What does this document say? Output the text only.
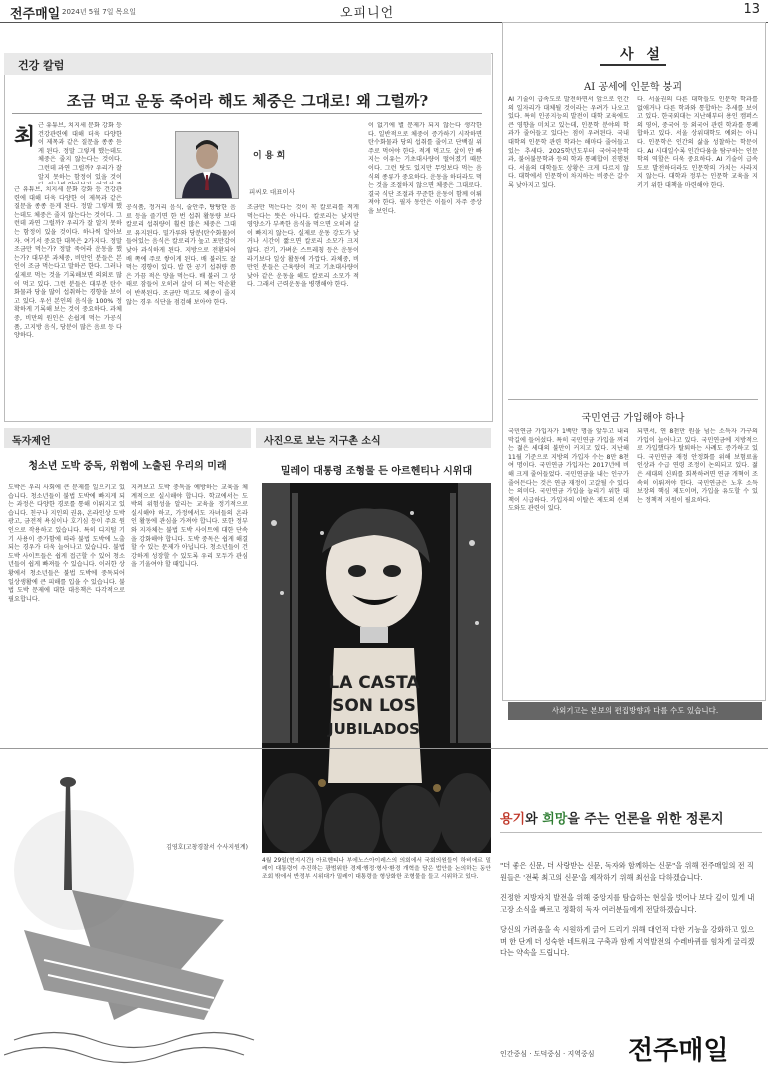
전주매일 2024년 5월 7일 목요일	오피니언	13
건강 칼럼
조금 먹고 운동 죽어라 해도 체중은 그대로! 왜 그럴까?
최 근 유튜브, 치지세 문화 강화 등 건강관련에 대해 더욱 다양한 이 제목과 같은 질문을 종종 듣게 된다. 정말 그렇게 했는데도 체중은 줄지 않는다는 것이다. 그런데 과연 그럴까? 우리가 잘 알지 못하는 함정이 있을 것이
근 유튜브, 치지세 문화 강화 등 건강관련에 대해 더욱 다양한 이 제목과 같은 질문을 종종 듣게 된다. 정말 그렇게 했는데도 체중은 줄지 않는다는 것이다. 그런데 과연 그럴까? 우리가 잘 알지 못하는 함정이 있을 것이다. 하나씩 알아보자. 여기서 중요한 대목은 2가지다. 정말 조금만 먹는가? 정말 죽어라 운동을 했는가? 대부분 과체중, 비만인 분들은 본인이 조금 먹는다고 말하곤 한다. 그러나 실제로 먹는 것을 기록해보면 의외로 많이 먹고 있다. 그런 분들은 대부분 탄수화물과 당을 많이 섭취하는 경향을 보이고 있다. 우선 본인의 음식을 100% 정확하게 기록해 보는 것이 중요하다. 과체중, 비만의 원인은 손쉽게 먹는 가공식품, 고지방 음식, 당분이 많은 음료 등 다양하다.
이 용 희
피씨오 대표이사
공식품, 정거리 음식, 술안주, 탕탕한 음료 등을 즐기면 한 번 섭취 활동량 보다 칼로리 섭취량이 훨씬 많은 체중은 그대로 유지된다. 밀가루와 당분(탄수화물)이 들어있는 음식은 칼로리가 높고 포만감이 낮아 과식하게 된다. 지방으로 전환되어 배 쪽에 주로 쌓이게 된다. 배 불러도 잘 먹는 경향이 있다. 밥 한 공기 섭취량 쯤은 가끔 적은 양을 먹는다. 배 불러 그 상태로 잠들어 오히려 살이 더 찌는 악순환이 반복된다. 조금만 먹고도 체중이 줄지 않는 경우 식단을 점검해 보아야 한다.
조금만 먹는다는 것이 꼭 칼로리를 적게 먹는다는 뜻은 아니다. 칼로리는 낮지만 영양소가 부족한 음식을 먹으면 오히려 살이 빠지지 않는다. 실제로 운동 강도가 낮거나 시간이 짧으면 칼로리 소모가 크지 않다. 걷기, 가벼운 스트레칭 등은 운동이라기보다 일상 활동에 가깝다. 과체중, 비만인 분들은 근육량이 적고 기초대사량이 낮아 같은 운동을 해도 칼로리 소모가 적다. 그래서 근력운동을 병행해야 한다.
이 없기에 별 문제가 되지 않는다 생각한다. 일반적으로 체중이 증가하기 시작하면 탄수화물과 당의 섭취를 줄이고 단백질 위주로 먹어야 한다. 적게 먹고도 살이 안 빠지는 이유는 기초대사량이 떨어졌기 때문이다. 그런 탓도 있지만 무엇보다 먹는 음식의 종류가 중요하다. 운동을 하더라도 먹는 것을 조절하지 않으면 체중은 그대로다. 결국 식단 조절과 꾸준한 운동이 함께 이뤄져야 한다. 필자 동안은 이들이 자주 증상을 보인다.
사 설
AI 공세에 인문학 붕괴
AI 기술이 급속도로 발전하면서 앞으로 인간의 일자리가 대체될 것이라는 우려가 나오고 있다. 특히 인공지능의 발전이 대학 교육에도 큰 영향을 미치고 있는데, 인문학 분야의 학과가 줄어들고 있다는 점이 우려된다. 국내 대학의 인문학 관련 학과는 해마다 줄어들고 있는 추세다. 2025학년도부터 국어국문학과, 불어불문학과 등의 학과 통폐합이 진행된다. 서울의 대학들도 상황은 크게 다르지 않다. 대학에서 인문학이 차지하는 비중은 갈수록 낮아지고 있다.
다. 서울권의 다른 대학들도 인문학 학과를 없애거나 다른 학과와 통합하는 추세를 보이고 있다. 한국외대는 지난해부터 용인 캠퍼스의 영어, 중국어 등 외국어 관련 학과를 통폐합하고 있다. 서울 상위대학도 예외는 아니다. 인문학은 인간의 삶을 성찰하는 학문이다. AI 시대일수록 인간다움을 탐구하는 인문학의 역할은 더욱 중요하다. AI 기술이 급속도로 발전하더라도 인문학의 가치는 사라지지 않는다. 대학과 정부는 인문학 교육을 지키기 위한 대책을 마련해야 한다.
국민연금 가입해야 하나
국민연금 가입자가 1백만 명을 앞두고 내리막길에 들어섰다. 특히 국민연금 가입을 꺼리는 젊은 세대의 불만이 커지고 있다. 지난해 11월 기준으로 지방의 가입자 수는 8만 8천여 명이다. 국민연금 가입자는 2017년에 비해 크게 줄어들었다. 국민연금을 내는 인구가 줄어든다는 것은 연금 재정이 고갈될 수 있다는 의미다. 국민연금 가입을 늘리기 위한 대책이 시급하다. 가입자의 이탈은 제도의 신뢰도와도 관련이 있다.
되면서, 연 8천만 원을 넘는 소득자 가구의 가입이 늘어나고 있다. 국민연금에 지방적으로 가입했다가 탈퇴하는 사례도 증가하고 있다. 국민연금 재정 안정화를 위해 보험료율 인상과 수급 연령 조정이 논의되고 있다. 젊은 세대의 신뢰를 회복하려면 연금 개혁이 조속히 이뤄져야 한다. 국민연금은 노후 소득 보장의 핵심 제도이며, 가입을 유도할 수 있는 정책적 지원이 필요하다.
사외기고는 본보의 편집방향과 다를 수도 있습니다.
독자제언
청소년 도박 중독, 위험에 노출된 우리의 미래
도박은 우리 사회에 큰 문제를 일으키고 있습니다. 청소년들이 불법 도박에 빠지게 되는 과정은 다양한 경로를 통해 이뤄지고 있습니다. 친구나 지인의 권유, 온라인상 도박 광고, 금전적 욕심이나 호기심 등이 주요 원인으로 작용하고 있습니다. 특히 디지털 기기 사용이 증가함에 따라 불법 도박에 노출되는 경우가 더욱 늘어나고 있습니다. 불법 도박 사이트들은 쉽게 접근할 수 있어 청소년들이 쉽게 빠져들 수 있습니다. 이러한 상황에서 청소년들은 불법 도박에 중독되어 일상생활에 큰 피해를 입을 수 있습니다. 불법 도박 문제에 대한 대응책은 다각적으로 필요합니다.
지켜보고 도박 중독을 예방하는 교육을 체계적으로 실시해야 합니다. 학교에서는 도박의 위험성을 알리는 교육을 정기적으로 실시해야 하고, 가정에서도 자녀들의 온라인 활동에 관심을 가져야 합니다. 또한 정부와 지자체는 불법 도박 사이트에 대한 단속을 강화해야 합니다. 도박 중독은 쉽게 해결할 수 있는 문제가 아닙니다. 청소년들이 건강하게 성장할 수 있도록 우리 모두가 관심을 기울여야 할 때입니다.
김영호(고창경찰서 수사지원계)
사진으로 보는 지구촌 소식
밀레이 대통령 조형물 든 아르헨티나 시위대
LA CASTA
SON LOS
JUBILADOS
4월 29일(현지시간) 아르헨티나 부에노스아이레스의 의회에서 국회의원들이 하비에르 밀레이 대통령이 추진하는 광범위한 경제·행정·형사·환경 개혁을 담은 법안을 논의하는 동안 조회 밖에서 반정부 시위대가 밀레이 대통령을 형상화한 조형물을 들고 시위하고 있다.
용기와 희망을 주는 언론을 위한 정론지

"더 좋은 신문, 더 사랑받는 신문, 독자와 함께하는 신문"을 위해 전주매일의 전 직원들은 '전북 최고의 신문'을 제작하기 위해 최선을 다하겠습니다.

진정한 지방자치 발전을 위해 중앙지를 탐습하는 현실을 벗어나 보다 깊이 있게 내 고장 소식을 빠르고 정확히 독자 여러분들에게 전달하겠습니다.

당신의 가려움을 속 시원하게 긁어 드리기 위해 대언적 다한 기능을 강화하고 있으며 한 단계 더 성숙한 네트워크 구축과 함께 지역발전의 수레바퀴를 힘차게 굴리겠다는 약속을 드립니다.

인간중심 · 도덕중심 · 지역중심 전주매일
